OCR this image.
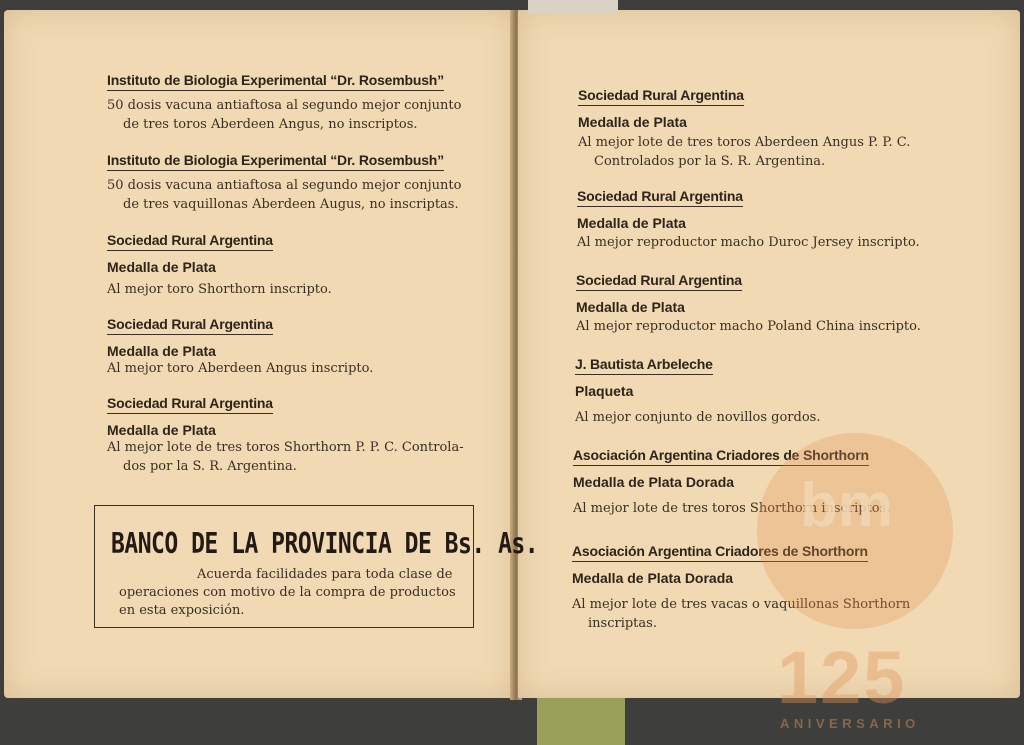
Instituto de Biologia Experimental “Dr. Rosembush”
50 dosis vacuna antiaftosa al segundo mejor conjunto
de tres toros Aberdeen Angus, no inscriptos.
Instituto de Biologia Experimental “Dr. Rosembush”
50 dosis vacuna antiaftosa al segundo mejor conjunto
de tres vaquillonas Aberdeen Augus, no inscriptas.
Sociedad Rural Argentina
Medalla de Plata
Al mejor toro Shorthorn inscripto.
Sociedad Rural Argentina
Medalla de Plata
Al mejor toro Aberdeen Angus inscripto.
Sociedad Rural Argentina
Medalla de Plata
Al mejor lote de tres toros Shorthorn P. P. C. Controla-
dos por la S. R. Argentina.
Sociedad Rural Argentina
Medalla de Plata
Al mejor lote de tres toros Aberdeen Angus P. P. C.
Controlados por la S. R. Argentina.
Sociedad Rural Argentina
Medalla de Plata
Al mejor reproductor macho Duroc Jersey inscripto.
Sociedad Rural Argentina
Medalla de Plata
Al mejor reproductor macho Poland China inscripto.
J. Bautista Arbeleche
Plaqueta
Al mejor conjunto de novillos gordos.
Asociación Argentina Criadores de Shorthorn
Medalla de Plata Dorada
Al mejor lote de tres toros Shorthorn inscriptos.
Asociación Argentina Criadores de Shorthorn
Medalla de Plata Dorada
Al mejor lote de tres vacas o vaquillonas Shorthorn
inscriptas.
BANCO DE LA PROVINCIA DE Bs. As.
Acuerda facilidades para toda clase de
operaciones con motivo de la compra de productos
en esta exposición.
bm
125
ANIVERSARIO
